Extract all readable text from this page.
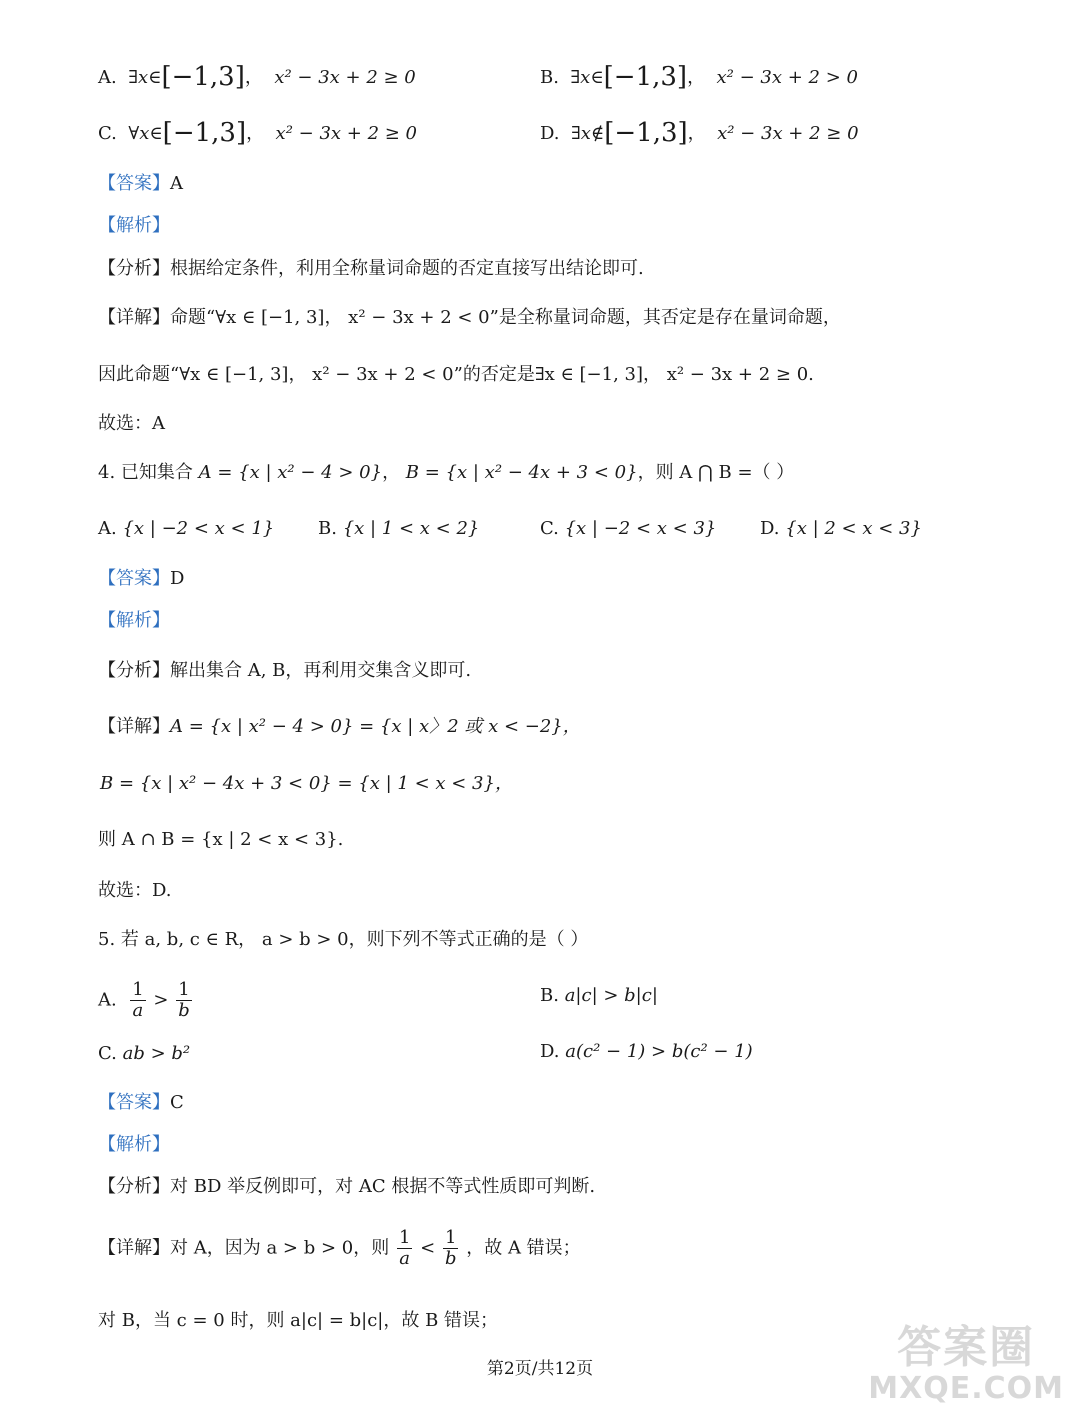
A. ∃x∈[−1,3]， x² − 3x + 2 ≥ 0	B. ∃x∈[−1,3]， x² − 3x + 2 > 0
C. ∀x∈[−1,3]， x² − 3x + 2 ≥ 0	D. ∃x∉[−1,3]， x² − 3x + 2 ≥ 0
【答案】A
【解析】
【分析】根据给定条件，利用全称量词命题的否定直接写出结论即可.
【详解】命题“∀x ∈ [−1, 3]， x² − 3x + 2 < 0”是全称量词命题，其否定是存在量词命题，
因此命题“∀x ∈ [−1, 3]， x² − 3x + 2 < 0”的否定是∃x ∈ [−1, 3]， x² − 3x + 2 ≥ 0.
故选：A
4. 已知集合 A = {x | x² − 4 > 0}， B = {x | x² − 4x + 3 < 0}，则 A ⋂ B =（ ）
A. {x | −2 < x < 1} B. {x | 1 < x < 2}	C. {x | −2 < x < 3} D. {x | 2 < x < 3}
【答案】D
【解析】
【分析】解出集合 A, B，再利用交集含义即可.
【详解】A = {x | x² − 4 > 0} = {x | x〉2 或 x < −2}，
B = {x | x² − 4x + 3 < 0} = {x | 1 < x < 3}，
则 A ∩ B = {x | 2 < x < 3}.
故选：D.
5. 若 a, b, c ∈ R， a > b > 0，则下列不等式正确的是（ ）
A. $\frac{1}{a} > \frac{1}{b}$	B. a|c| > b|c|
C. ab > b²	D. a(c² − 1) > b(c² − 1)
【答案】C
【解析】
【分析】对 BD 举反例即可，对 AC 根据不等式性质即可判断.
【详解】对 A，因为 a > b > 0，则 $\frac{1}{a} < \frac{1}{b}$ ，故 A 错误；
对 B，当 c = 0 时，则 a|c| = b|c|，故 B 错误；
第2页/共12页	答案圈
MXQE.COM
